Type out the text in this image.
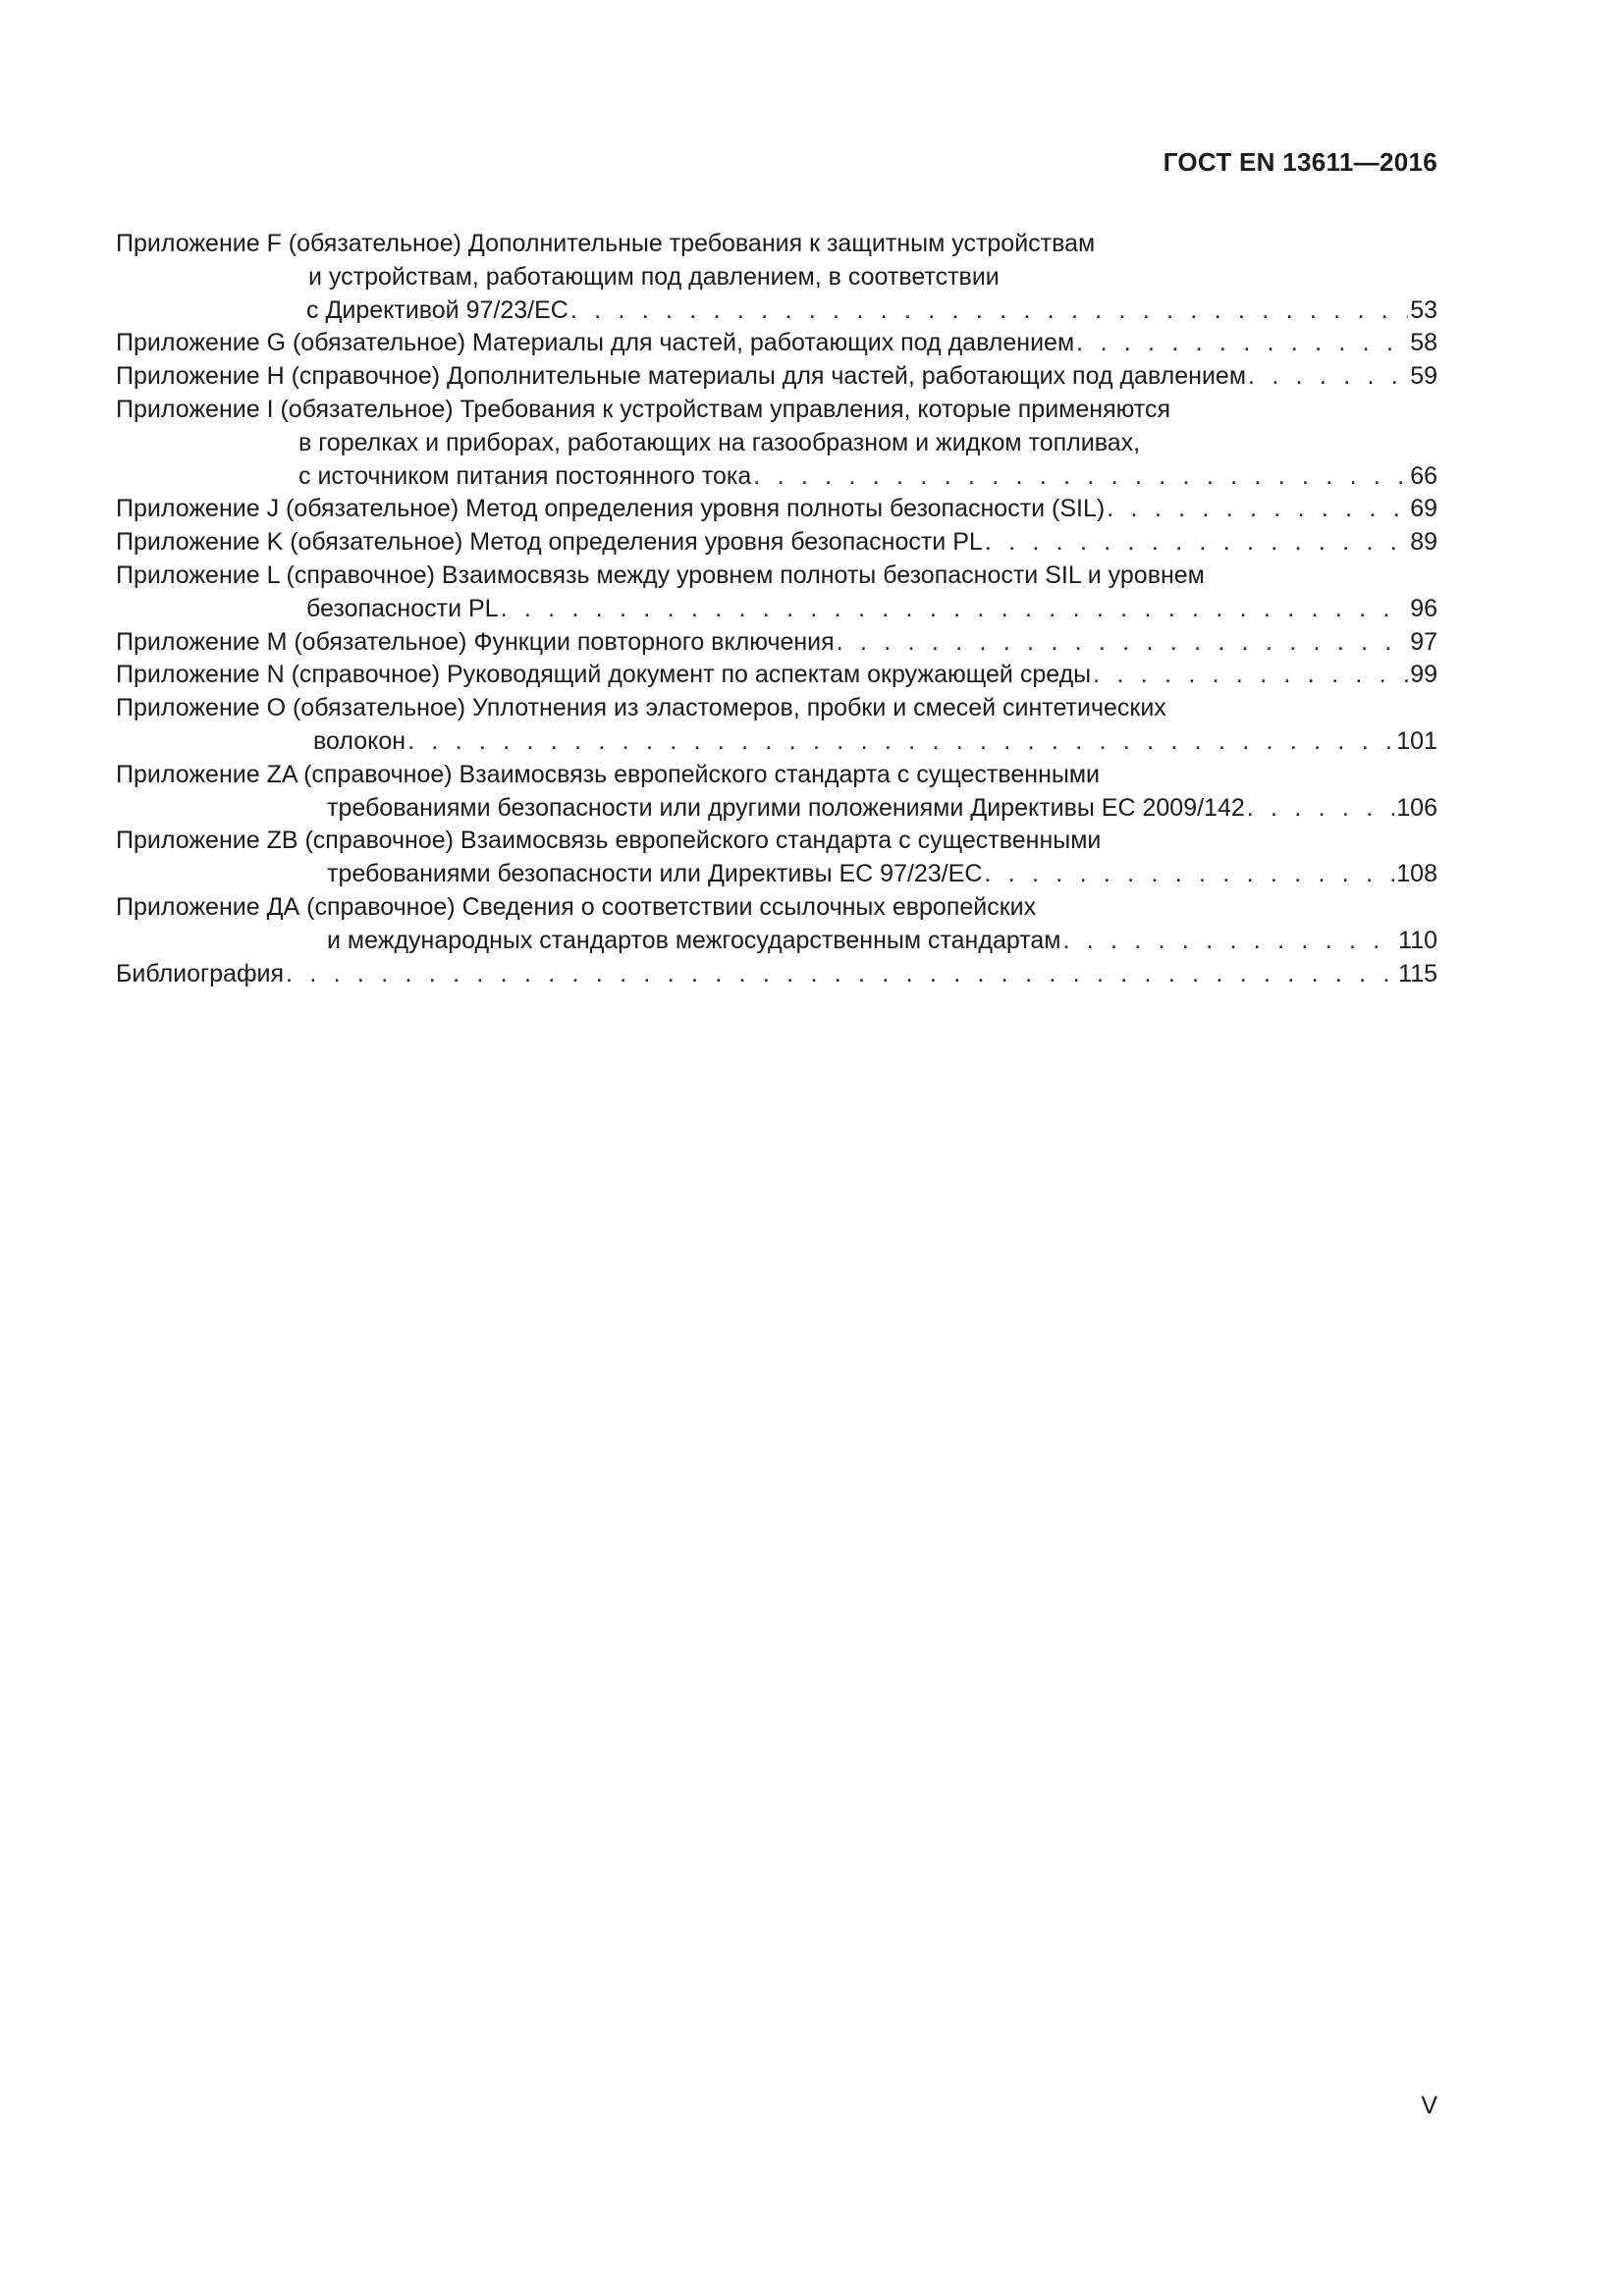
ГОСТ EN 13611—2016
Приложение F (обязательное) Дополнительные требования к защитным устройствам
и устройствам, работающим под давлением, в соответствии
с Директивой 97/23/ЕС . . .	53
Приложение G (обязательное) Материалы для частей, работающих под давлением . . .	58
Приложение Н (справочное) Дополнительные материалы для частей, работающих под давлением . . .	59
Приложение I (обязательное) Требования к устройствам управления, которые применяются
в горелках и приборах, работающих на газообразном и жидком топливах,
с источником питания постоянного тока . . .	66
Приложение J (обязательное) Метод определения уровня полноты безопасности (SIL) . . .	69
Приложение K (обязательное) Метод определения уровня безопасности PL . . .	89
Приложение L (справочное) Взаимосвязь между уровнем полноты безопасности SIL и уровнем
безопасности PL . . .	96
Приложение М (обязательное) Функции повторного включения . . .	97
Приложение N (справочное) Руководящий документ по аспектам окружающей среды . . .	99
Приложение О (обязательное) Уплотнения из эластомеров, пробки и смесей синтетических
волокон . . .	101
Приложение ZA (справочное) Взаимосвязь европейского стандарта с существенными
требованиями безопасности или другими положениями Директивы ЕС 2009/142 . . .	106
Приложение ZB (справочное) Взаимосвязь европейского стандарта с существенными
требованиями безопасности или Директивы ЕС 97/23/ЕС . . .	108
Приложение ДА (справочное) Сведения о соответствии ссылочных европейских
и международных стандартов межгосударственным стандартам . . .	110
Библиография . . .	115
V
